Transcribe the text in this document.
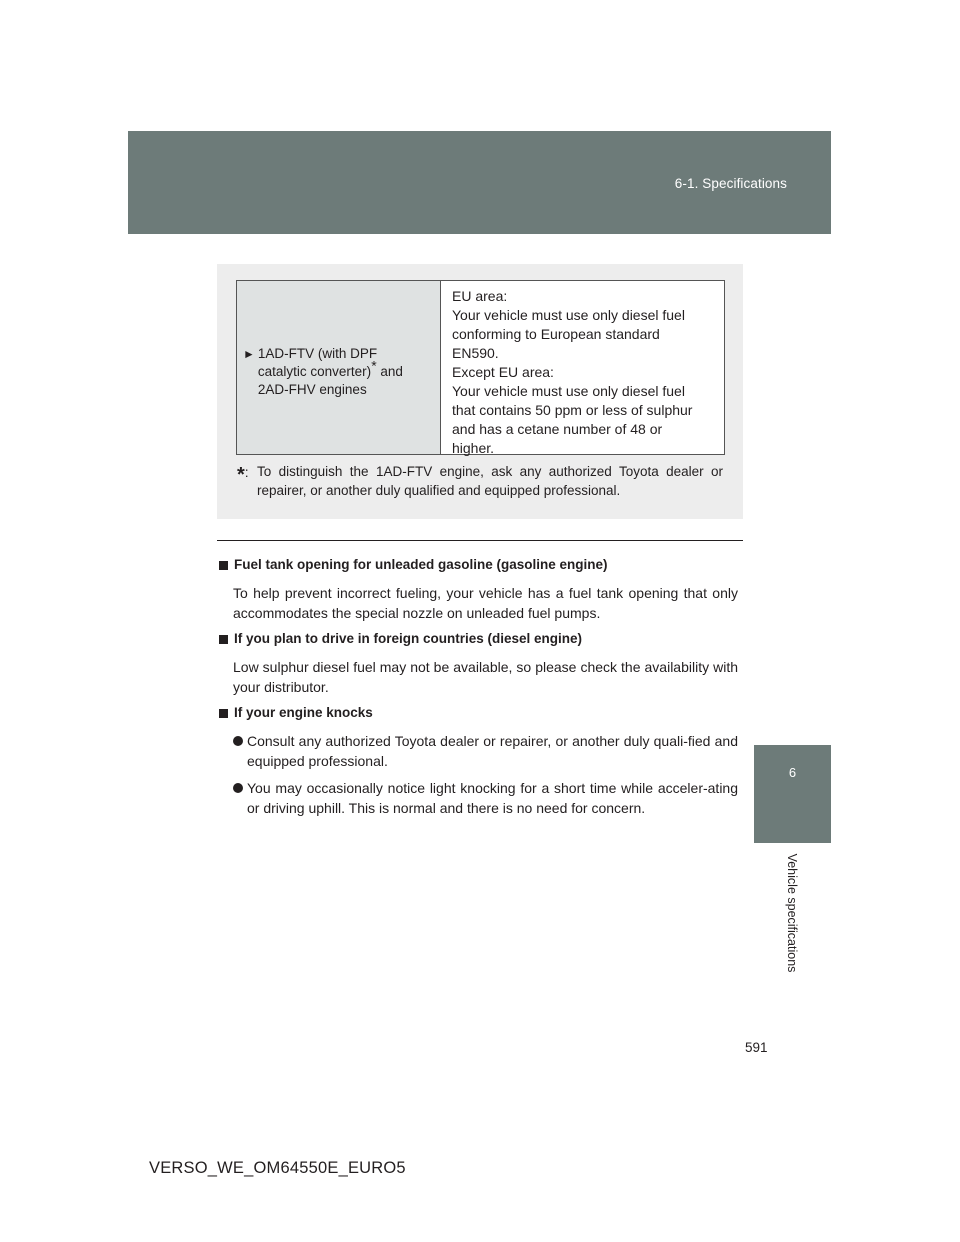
6-1. Specifications
6
Vehicle specifications
► 1AD-FTV (with DPF
catalytic converter)* and
2AD-FHV engines
EU area:
Your vehicle must use only diesel fuel
conforming to European standard
EN590.
Except EU area:
Your vehicle must use only diesel fuel
that contains 50 ppm or less of sulphur
and has a cetane number of 48 or
higher.
*: To distinguish the 1AD-FTV engine, ask any authorized Toyota dealer or repairer, or another duly qualified and equipped professional.
Fuel tank opening for unleaded gasoline (gasoline engine)
To help prevent incorrect fueling, your vehicle has a fuel tank opening that only accommodates the special nozzle on unleaded fuel pumps.
If you plan to drive in foreign countries (diesel engine)
Low sulphur diesel fuel may not be available, so please check the availability with your distributor.
If your engine knocks
Consult any authorized Toyota dealer or repairer, or another duly quali-fied and equipped professional.
You may occasionally notice light knocking for a short time while acceler-ating or driving uphill. This is normal and there is no need for concern.
591
VERSO_WE_OM64550E_EURO5
